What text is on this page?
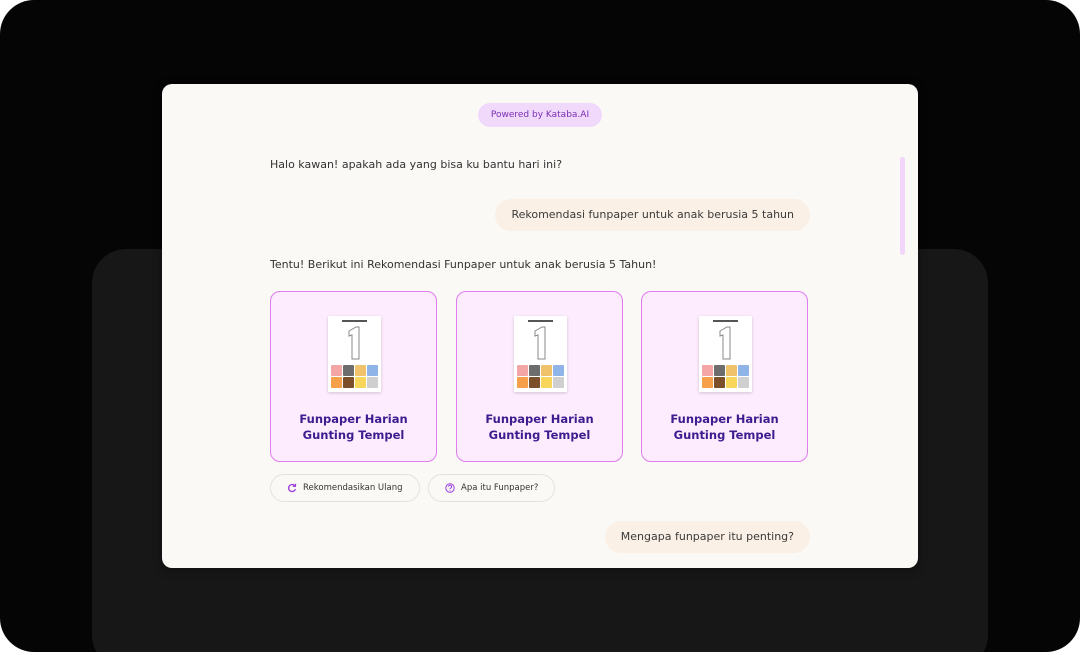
Powered by Kataba.AI
Halo kawan! apakah ada yang bisa ku bantu hari ini?
Rekomendasi funpaper untuk anak berusia 5 tahun
Tentu! Berikut ini Rekomendasi Funpaper untuk anak berusia 5 Tahun!
Funpaper Harian
Gunting Tempel
Funpaper Harian
Gunting Tempel
Funpaper Harian
Gunting Tempel
Rekomendasikan Ulang	Apa itu Funpaper?
Mengapa funpaper itu penting?
